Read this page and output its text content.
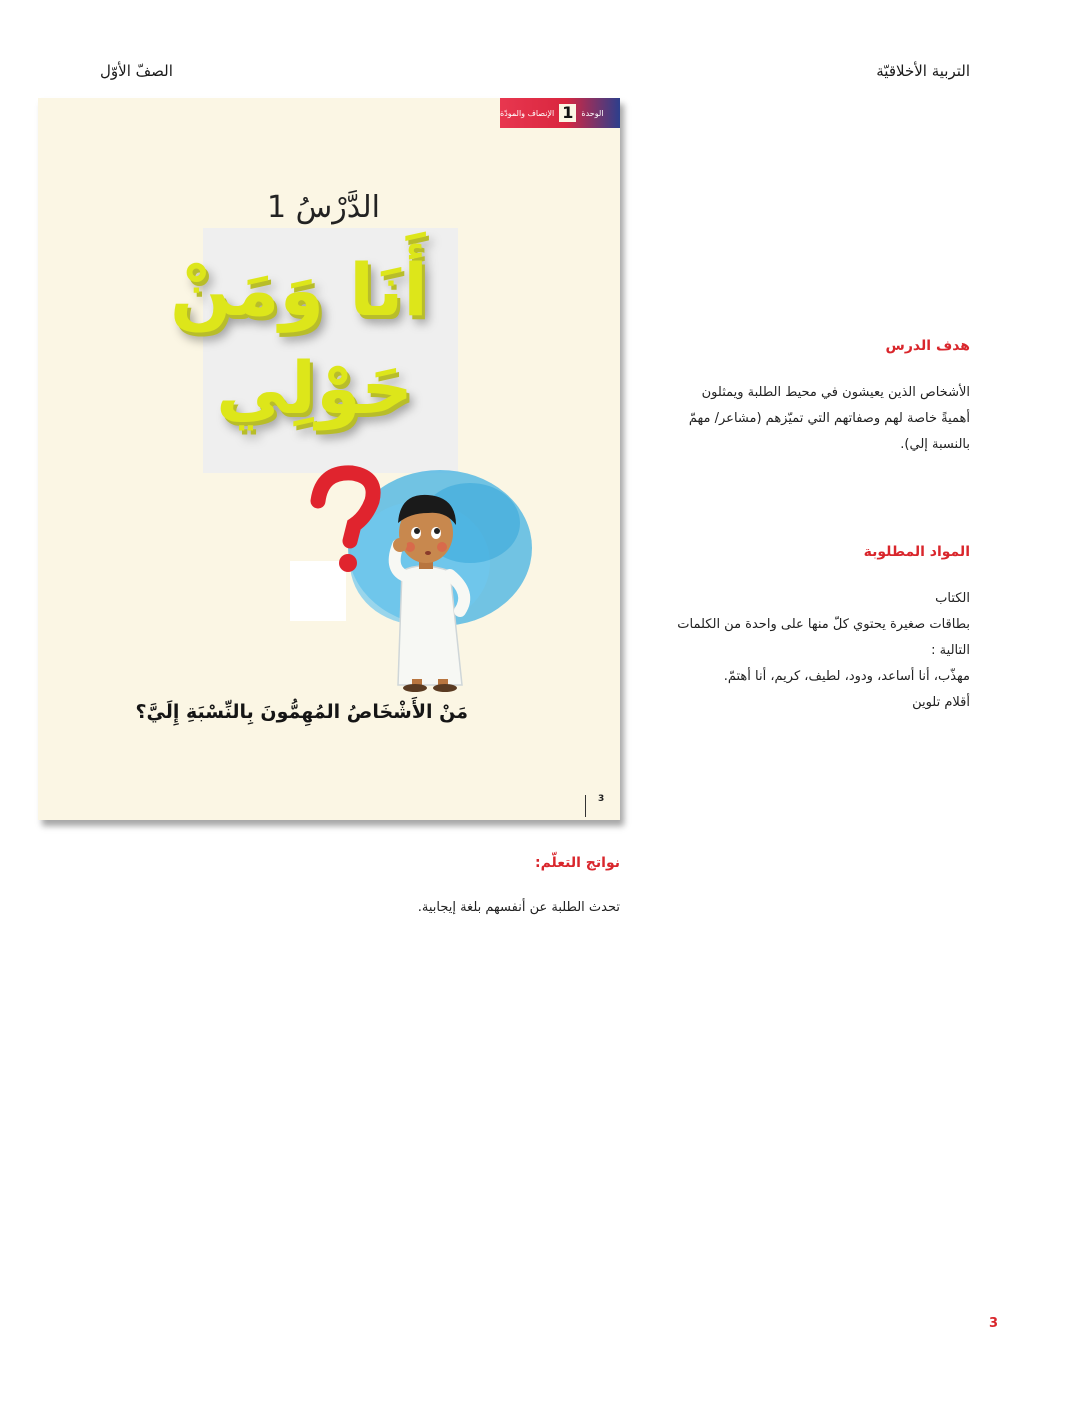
التربية الأخلاقيّة
الصفّ الأوّل
الوحدة
1
الإنصاف والمودّة
الدَّرْسُ 1
أَنَا وَمَنْ
حَوْلِي
مَنْ الأَشْخَاصُ المُهِمُّونَ بِالنِّسْبَةِ إِلَيَّ؟
3
هدف الدرس
الأشخاص الذين يعيشون في محيط الطلبة ويمثلون أهميةً خاصة لهم وصفاتهم التي تميّزهم (مشاعر/ مهمّ بالنسبة إلي).
المواد المطلوبة
الكتاب
بطاقات صغيرة يحتوي كلّ منها على واحدة من الكلمات التالية :
مهذّب، أنا أساعد، ودود، لطيف، كريم، أنا أهتمّ.
أقلام تلوين
نواتج التعلّم:
تحدث الطلبة عن أنفسهم بلغة إيجابية.
3
